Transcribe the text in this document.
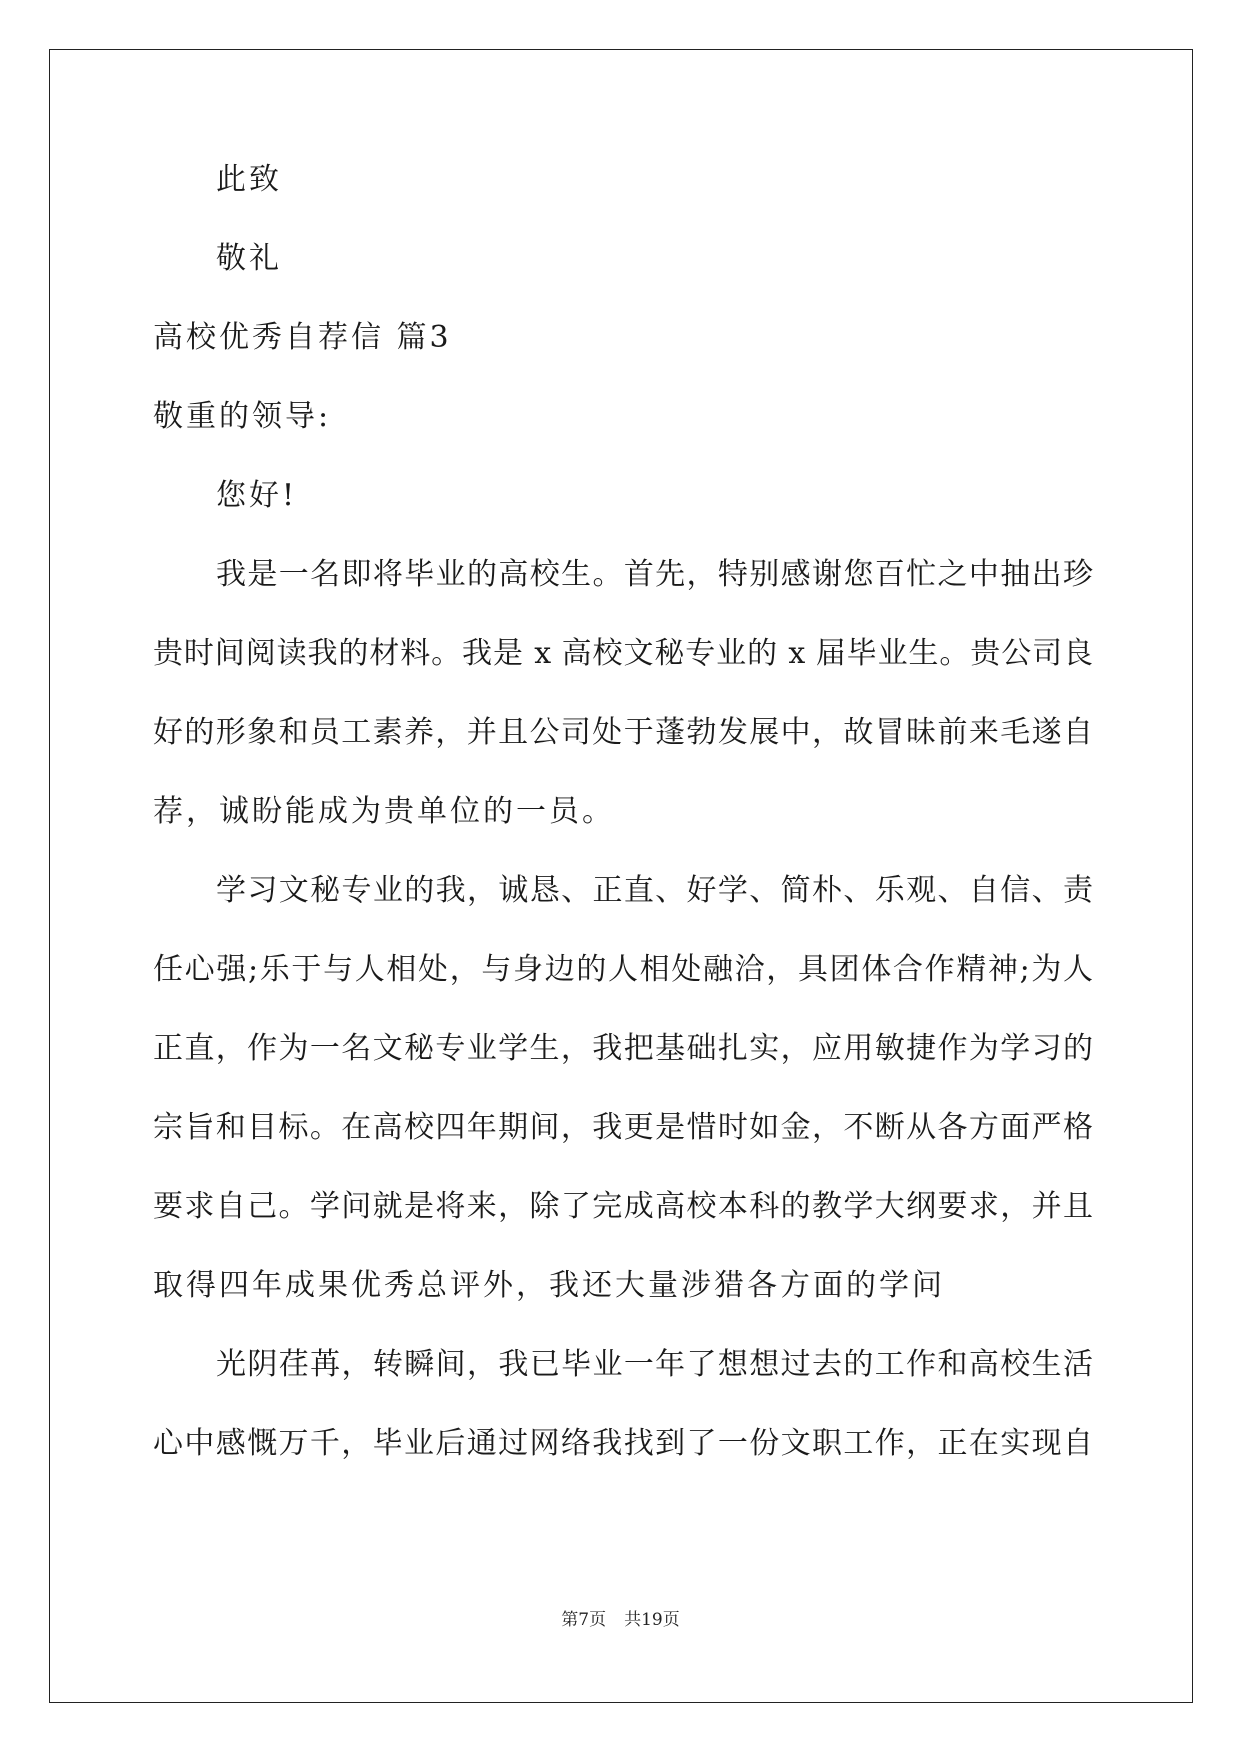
此致
敬礼
高校优秀自荐信 篇3
敬重的领导:
您好!
我是一名即将毕业的高校生。首先，特别感谢您百忙之中抽出珍
贵时间阅读我的材料。我是 x 高校文秘专业的 x 届毕业生。贵公司良
好的形象和员工素养，并且公司处于蓬勃发展中，故冒昧前来毛遂自
荐，诚盼能成为贵单位的一员。
学习文秘专业的我，诚恳、正直、好学、简朴、乐观、自信、责
任心强;乐于与人相处，与身边的人相处融洽，具团体合作精神;为人
正直，作为一名文秘专业学生，我把基础扎实，应用敏捷作为学习的
宗旨和目标。在高校四年期间，我更是惜时如金，不断从各方面严格
要求自己。学问就是将来，除了完成高校本科的教学大纲要求，并且
取得四年成果优秀总评外，我还大量涉猎各方面的学问
光阴荏苒，转瞬间，我已毕业一年了想想过去的工作和高校生活
心中感慨万千，毕业后通过网络我找到了一份文职工作，正在实现自
第7页 共19页
